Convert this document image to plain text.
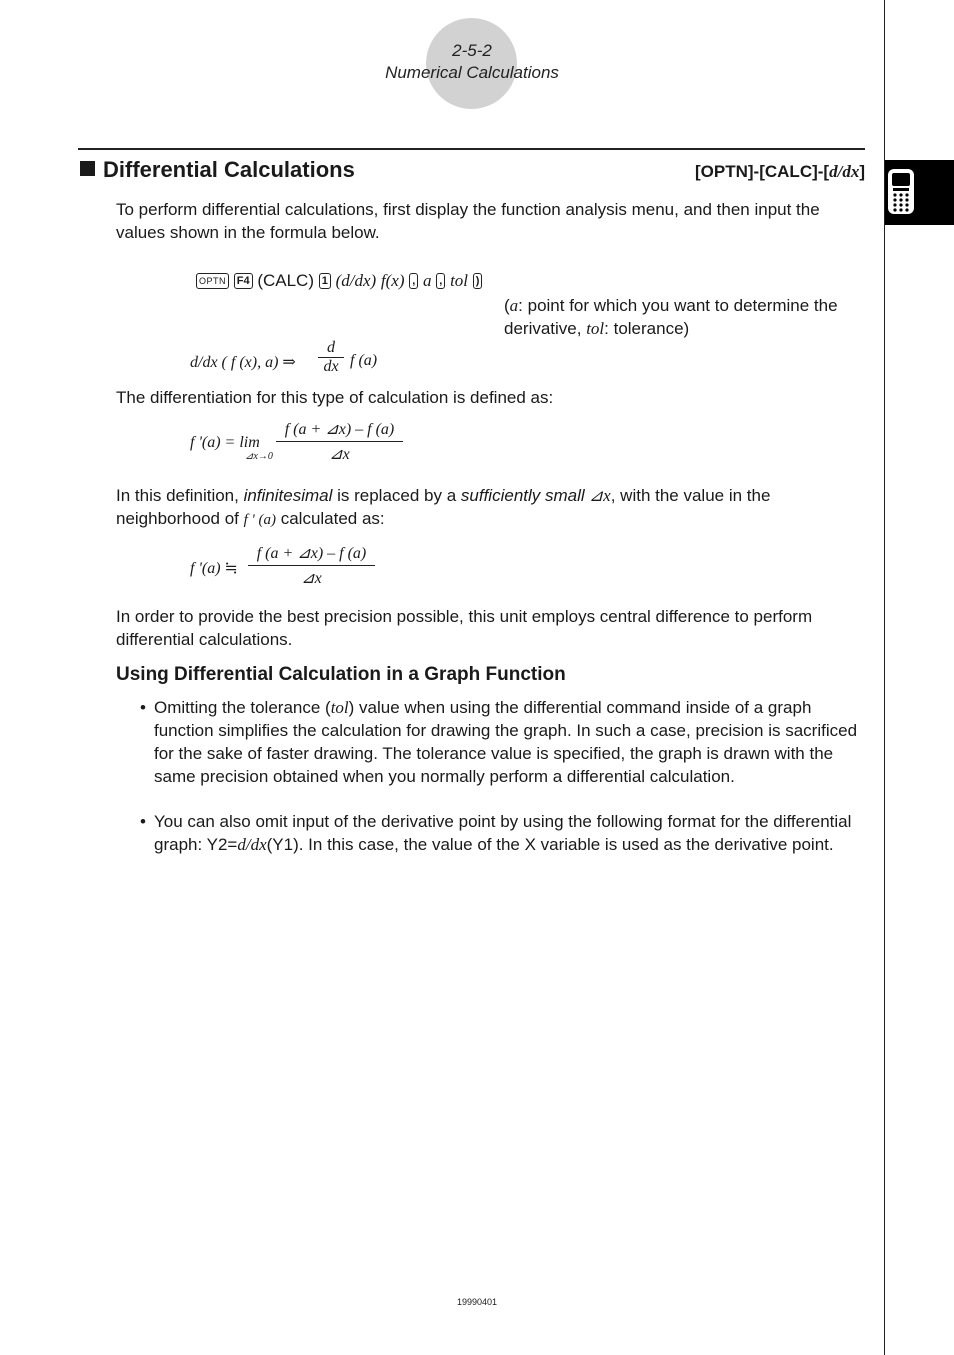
2-5-2
Numerical Calculations
Differential Calculations	[OPTN]-[CALC]-[d/dx]
To perform differential calculations, first display the function analysis menu, and then input the values shown in the formula below.
OPTN F4 (CALC) 1 (d/dx) f(x) , a , tol )
(a: point for which you want to determine the derivative, tol: tolerance)
d/dx ( f (x), a) ⇒
d
dx f (a)
The differentiation for this type of calculation is defined as:
f '(a) = lim
⊿x→0
f (a + ⊿x) – f (a)
⊿x
In this definition, infinitesimal is replaced by a sufficiently small ⊿x, with the value in the neighborhood of f ' (a) calculated as:
f '(a) ≒
f (a + ⊿x) – f (a)
⊿x
In order to provide the best precision possible, this unit employs central difference to perform differential calculations.
Using Differential Calculation in a Graph Function
• Omitting the tolerance (tol) value when using the differential command inside of a graph function simplifies the calculation for drawing the graph. In such a case, precision is sacrificed for the sake of faster drawing. The tolerance value is specified, the graph is drawn with the same precision obtained when you normally perform a differential calculation.
• You can also omit input of the derivative point by using the following format for the differential graph: Y2=d/dx(Y1). In this case, the value of the X variable is used as the derivative point.
19990401
